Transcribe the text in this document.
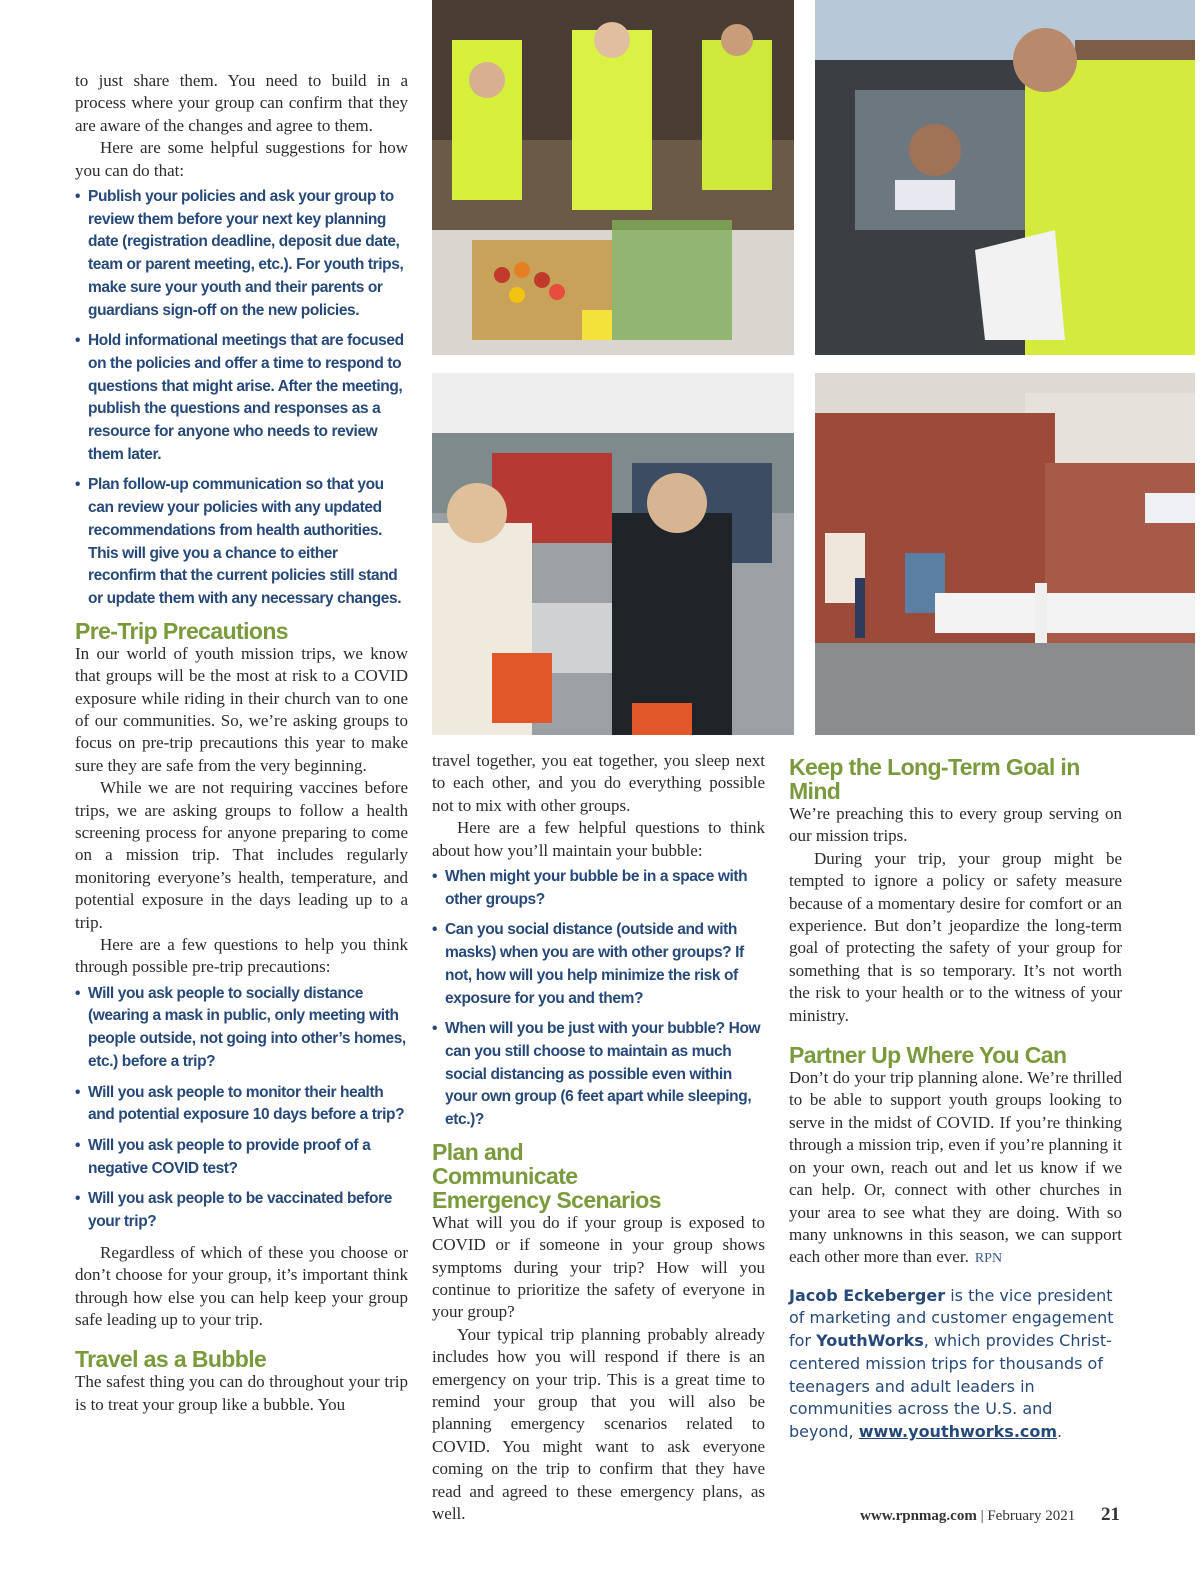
to just share them. You need to build in a process where your group can confirm that they are aware of the changes and agree to them.

Here are some helpful suggestions for how you can do that:

• Publish your policies and ask your group to review them before your next key planning date (registration deadline, deposit due date, team or parent meeting, etc.). For youth trips, make sure your youth and their parents or guardians sign-off on the new policies.
• Hold informational meetings that are focused on the policies and offer a time to respond to questions that might arise. After the meeting, publish the questions and responses as a resource for anyone who needs to review them later.
• Plan follow-up communication so that you can review your policies with any updated recommendations from health authorities. This will give you a chance to either reconfirm that the current policies still stand or update them with any necessary changes.
Pre-Trip Precautions

In our world of youth mission trips, we know that groups will be the most at risk to a COVID exposure while riding in their church van to one of our communities. So, we’re asking groups to focus on pre-trip precautions this year to make sure they are safe from the very beginning.

While we are not requiring vaccines before trips, we are asking groups to follow a health screening process for anyone preparing to come on a mission trip. That includes regularly monitoring everyone’s health, temperature, and potential exposure in the days leading up to a trip.

Here are a few questions to help you think through possible pre-trip precautions:

• Will you ask people to socially distance (wearing a mask in public, only meeting with people outside, not going into other’s homes, etc.) before a trip?
• Will you ask people to monitor their health and potential exposure 10 days before a trip?
• Will you ask people to provide proof of a negative COVID test?
• Will you ask people to be vaccinated before your trip?

Regardless of which of these you choose or don’t choose for your group, it’s important think through how else you can help keep your group safe leading up to your trip.

Travel as a Bubble

The safest thing you can do throughout your trip is to treat your group like a bubble. You

travel together, you eat together, you sleep next to each other, and you do everything possible not to mix with other groups.

Here are a few helpful questions to think about how you’ll maintain your bubble:

• When might your bubble be in a space with other groups?
• Can you social distance (outside and with masks) when you are with other groups? If not, how will you help minimize the risk of exposure for you and them?
• When will you be just with your bubble? How can you still choose to maintain as much social distancing as possible even within your own group (6 feet apart while sleeping, etc.)?
Plan and Communicate Emergency Scenarios

What will you do if your group is exposed to COVID or if someone in your group shows symptoms during your trip? How will you continue to prioritize the safety of everyone in your group?

Your typical trip planning probably already includes how you will respond if there is an emergency on your trip. This is a great time to remind your group that you will also be planning emergency scenarios related to COVID. You might want to ask everyone coming on the trip to confirm that they have read and agreed to these emergency plans, as well.

Keep the Long-Term Goal in Mind

We’re preaching this to every group serving on our mission trips.

During your trip, your group might be tempted to ignore a policy or safety measure because of a momentary desire for comfort or an experience. But don’t jeopardize the long-term goal of protecting the safety of your group for something that is so temporary. It’s not worth the risk to your health or to the witness of your ministry.

Partner Up Where You Can

Don’t do your trip planning alone. We’re thrilled to be able to support youth groups looking to serve in the midst of COVID. If you’re thinking through a mission trip, even if you’re planning it on your own, reach out and let us know if we can help. Or, connect with other churches in your area to see what they are doing. With so many unknowns in this season, we can support each other more than ever. RPN

Jacob Eckeberger is the vice president of marketing and customer engagement for YouthWorks, which provides Christ-centered mission trips for thousands of teenagers and adult leaders in communities across the U.S. and beyond, www.youthworks.com.
www.rpnmag.com | February 2021 21
